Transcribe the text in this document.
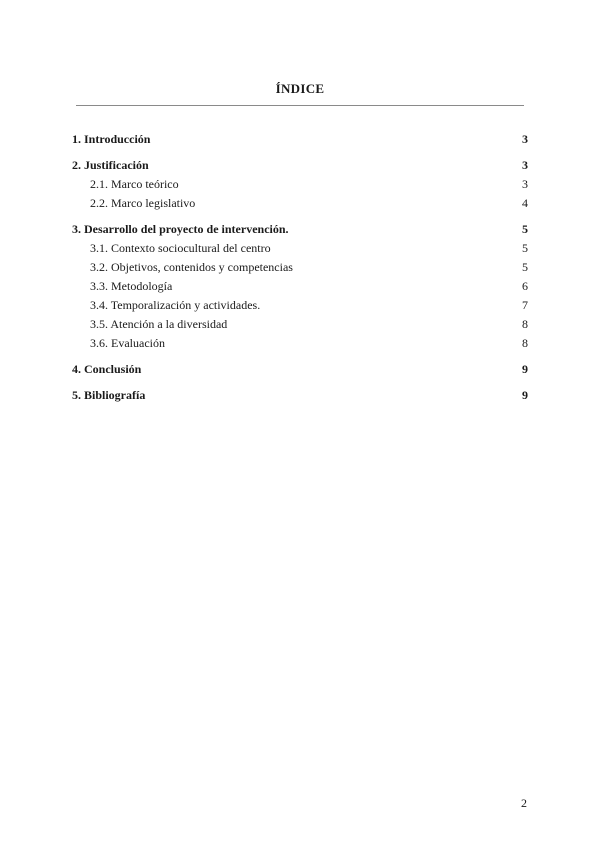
ÍNDICE
1. Introducción	3
2. Justificación	3
2.1. Marco teórico	3
2.2. Marco legislativo	4
3. Desarrollo del proyecto de intervención.	5
3.1. Contexto sociocultural del centro	5
3.2. Objetivos, contenidos y competencias	5
3.3. Metodología	6
3.4. Temporalización y actividades.	7
3.5. Atención a la diversidad	8
3.6. Evaluación	8
4. Conclusión	9
5. Bibliografía	9
2
